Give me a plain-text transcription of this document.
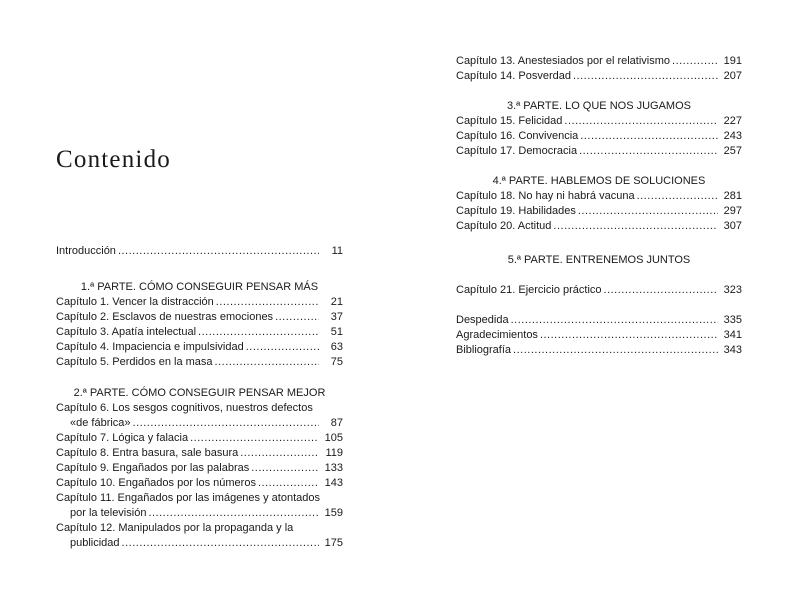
Contenido
Introducción .....	11
1.ª PARTE. CÓMO CONSEGUIR PENSAR MÁS
Capítulo 1. Vencer la distracción .....	21
Capítulo 2. Esclavos de nuestras emociones .....	37
Capítulo 3. Apatía intelectual .....	51
Capítulo 4. Impaciencia e impulsividad .....	63
Capítulo 5. Perdidos en la masa .....	75
2.ª PARTE. CÓMO CONSEGUIR PENSAR MEJOR
Capítulo 6. Los sesgos cognitivos, nuestros defectos
«de fábrica» .....	87
Capítulo 7. Lógica y falacia .....	105
Capítulo 8. Entra basura, sale basura .....	119
Capítulo 9. Engañados por las palabras .....	133
Capítulo 10. Engañados por los números .....	143
Capítulo 11. Engañados por las imágenes y atontados
por la televisión .....	159
Capítulo 12. Manipulados por la propaganda y la
publicidad .....	175
Capítulo 13. Anestesiados por el relativismo .....	191
Capítulo 14. Posverdad .....	207
3.ª PARTE. LO QUE NOS JUGAMOS
Capítulo 15. Felicidad .....	227
Capítulo 16. Convivencia .....	243
Capítulo 17. Democracia .....	257
4.ª PARTE. HABLEMOS DE SOLUCIONES
Capítulo 18. No hay ni habrá vacuna .....	281
Capítulo 19. Habilidades .....	297
Capítulo 20. Actitud .....	307
5.ª PARTE. ENTRENEMOS JUNTOS
Capítulo 21. Ejercicio práctico .....	323
Despedida .....	335
Agradecimientos .....	341
Bibliografía .....	343
